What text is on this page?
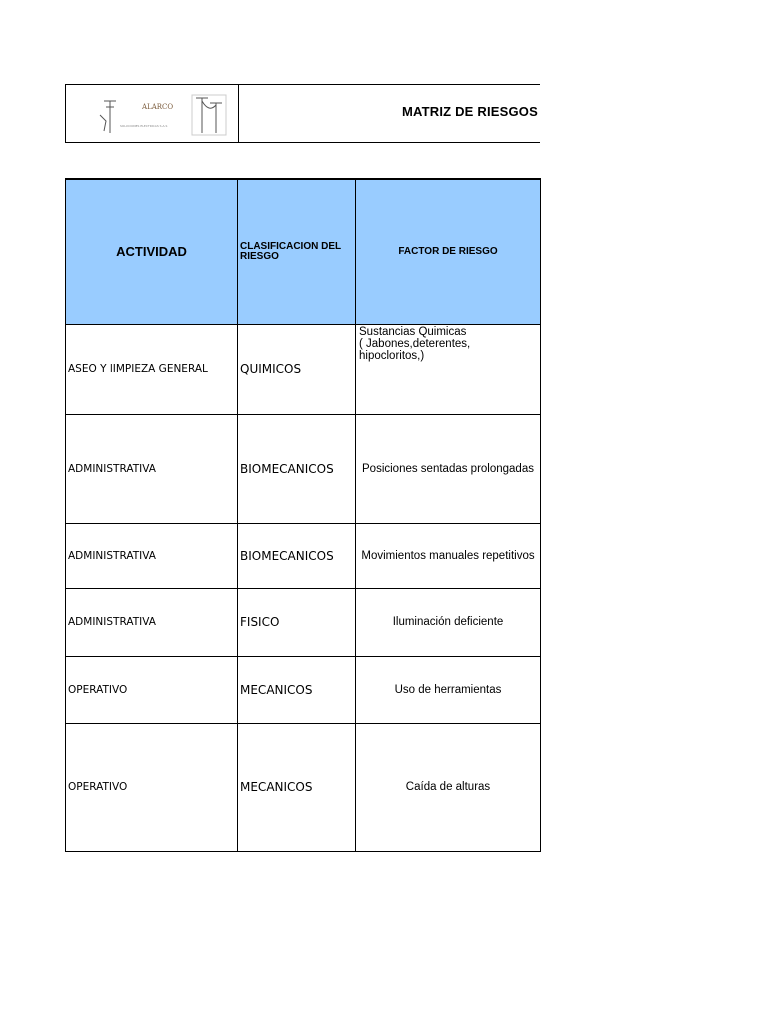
ALARCO
SOLUCIONES ELECTRICAS S.A.S
MATRIZ DE RIESGOS
ACTIVIDAD	CLASIFICACION DEL RIESGO	FACTOR DE RIESGO
ASEO Y lIMPIEZA GENERAL	QUIMICOS	Sustancias Quimicas
( Jabones,deterentes,
hipocloritos,)

ADMINISTRATIVA	BIOMECANICOS	Posiciones sentadas prolongadas
ADMINISTRATIVA	BIOMECANICOS	Movimientos manuales repetitivos
ADMINISTRATIVA	FISICO	Iluminación deficiente
OPERATIVO	MECANICOS	Uso de herramientas
OPERATIVO	MECANICOS	Caída de alturas
